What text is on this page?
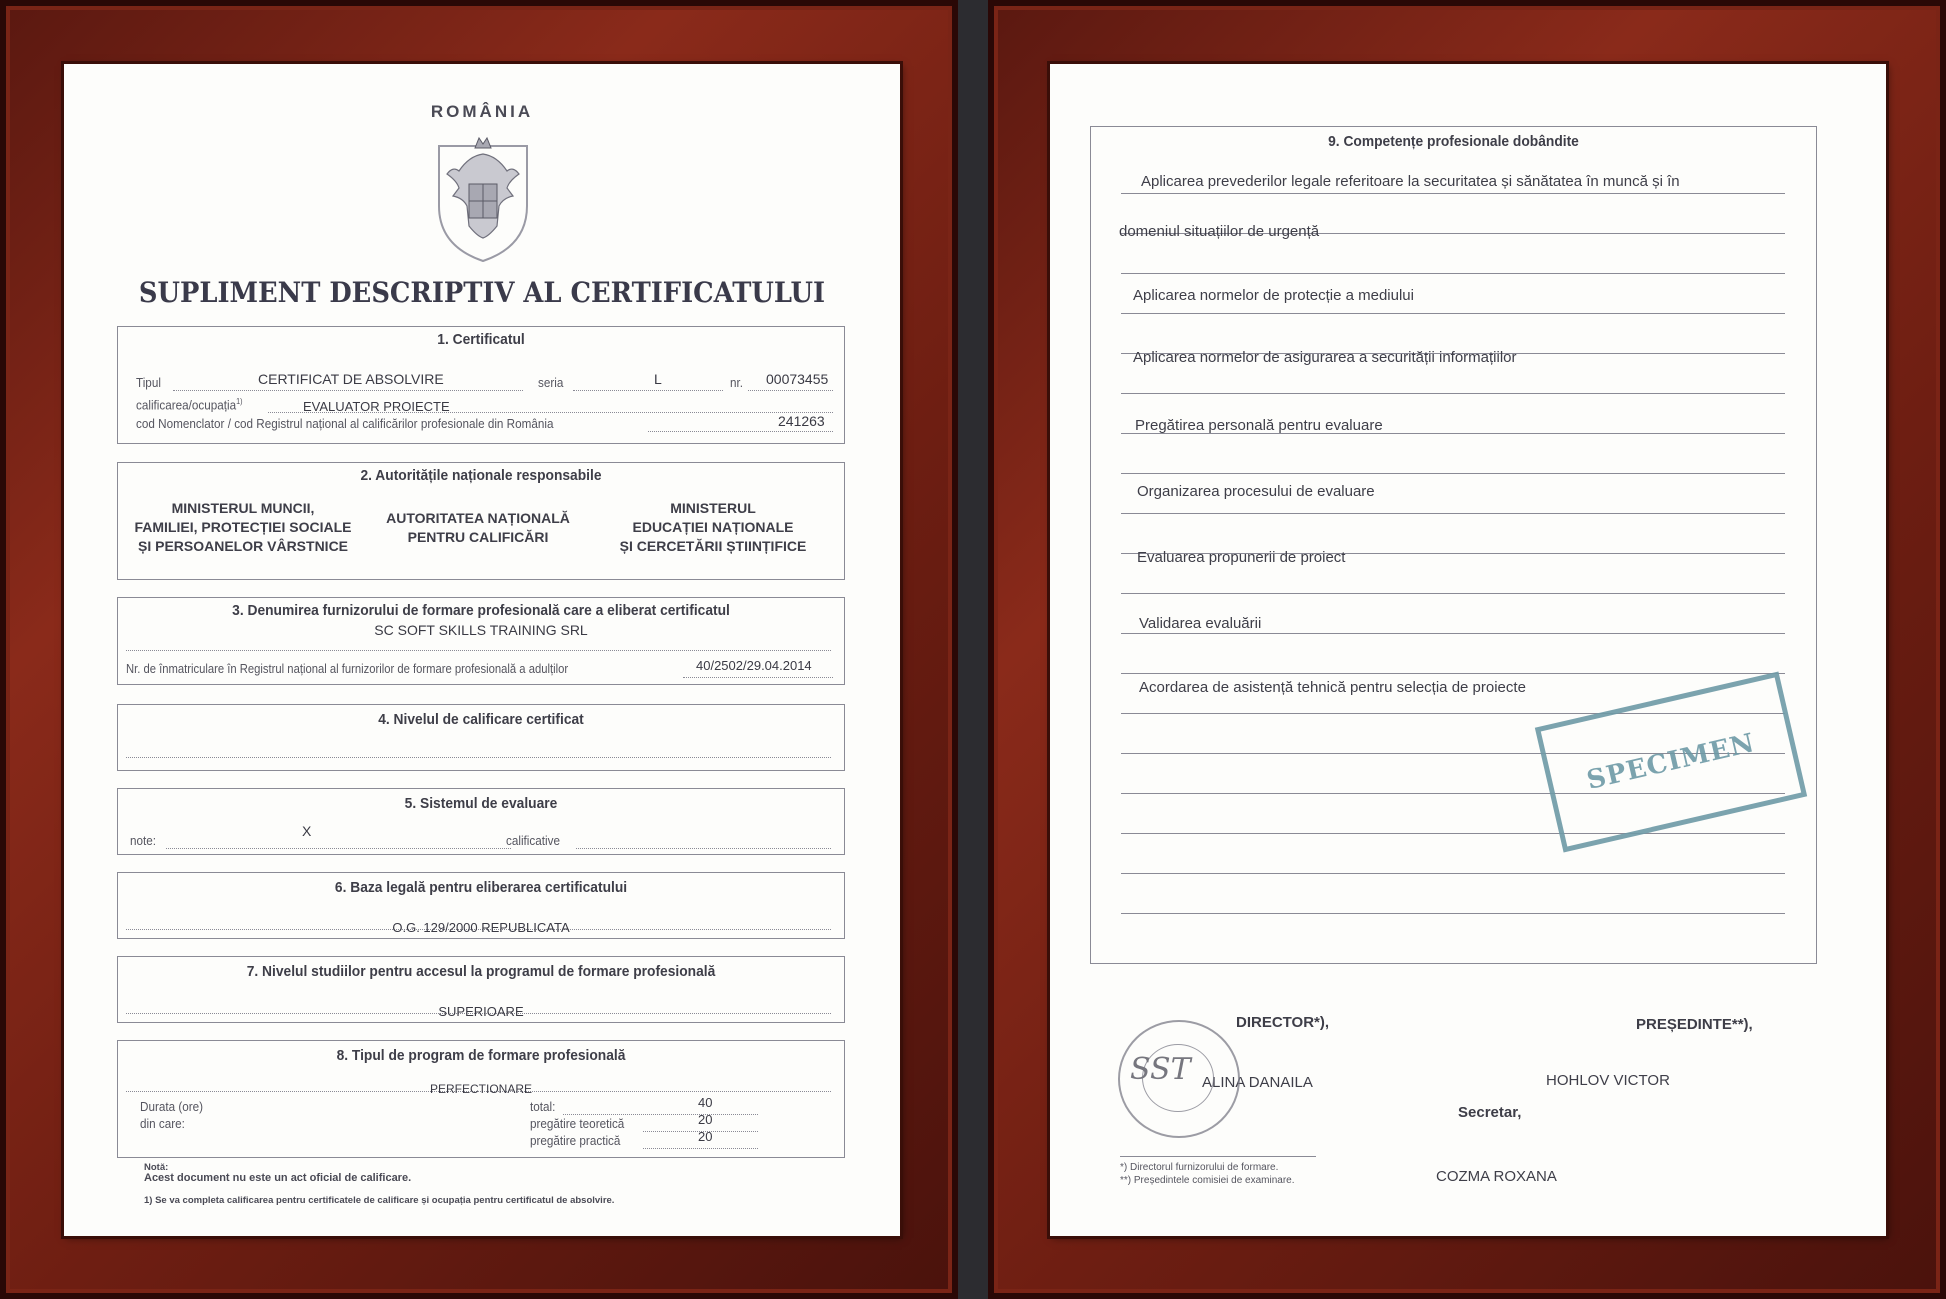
ROMÂNIA
SUPLIMENT DESCRIPTIV AL CERTIFICATULUI
1. Certificatul
Tipul	CERTIFICAT DE ABSOLVIRE	seria	L	nr. 00073455
calificarea/ocupația$^{1)}$	EVALUATOR PROIECTE
cod Nomenclator / cod Registrul național al calificărilor profesionale din România	241263
2. Autoritățile naționale responsabile
MINISTERUL MUNCII,
FAMILIEI, PROTECȚIEI SOCIALE
ȘI PERSOANELOR VÂRSTNICE
AUTORITATEA NAȚIONALĂ
PENTRU CALIFICĂRI
MINISTERUL
EDUCAȚIEI NAȚIONALE
ȘI CERCETĂRII ȘTIINȚIFICE
3. Denumirea furnizorului de formare profesională care a eliberat certificatul
SC SOFT SKILLS TRAINING SRL
Nr. de înmatriculare în Registrul național al furnizorilor de formare profesională a adulților	40/2502/29.04.2014
4. Nivelul de calificare certificat
5. Sistemul de evaluare
note:
X
calificative
6. Baza legală pentru eliberarea certificatului
O.G. 129/2000 REPUBLICATA
7. Nivelul studiilor pentru accesul la programul de formare profesională
SUPERIOARE
8. Tipul de program de formare profesională
PERFECTIONARE
Durata (ore)
din care:
total:	40
pregătire teoretică	20
pregătire practică	20
Notă:
Acest document nu este un act oficial de calificare.
1) Se va completa calificarea pentru certificatele de calificare și ocupația pentru certificatul de absolvire.
9. Competențe profesionale dobândite
Aplicarea prevederilor legale referitoare la securitatea și sănătatea în muncă și în
domeniul situațiilor de urgență
Aplicarea normelor de protecție a mediului
Aplicarea normelor de asigurarea a securității informațiilor
Pregătirea personală pentru evaluare
Organizarea procesului de evaluare
Evaluarea propunerii de proiect
Validarea evaluării
Acordarea de asistență tehnică pentru selecția de proiecte
DIRECTOR*),
ALINA DANAILA
PREȘEDINTE**),
HOHLOV VICTOR
Secretar,
COZMA ROXANA
*) Directorul furnizorului de formare.
**) Președintele comisiei de examinare.
SST
SPECIMEN
